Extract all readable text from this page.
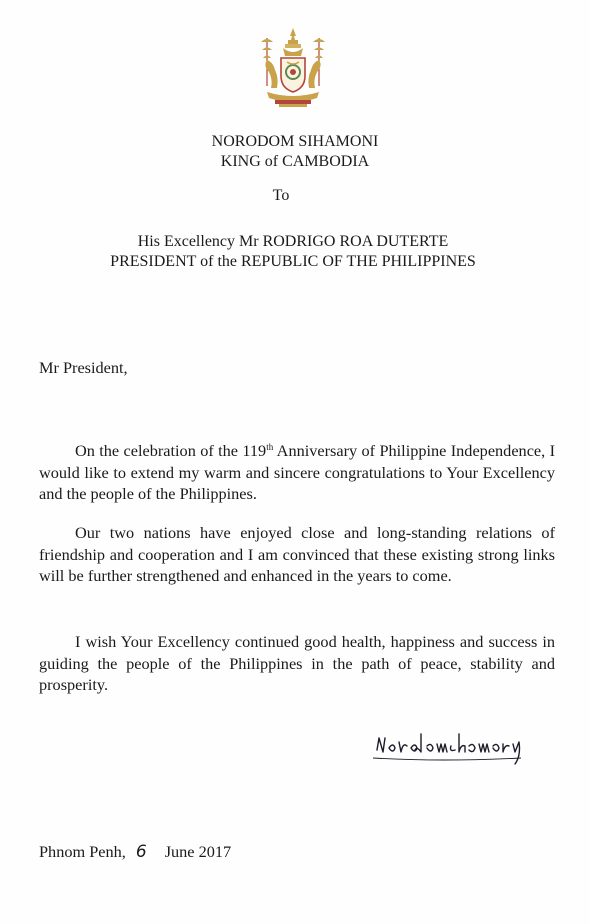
NORODOM SIHAMONI
KING of CAMBODIA
To
His Excellency Mr RODRIGO ROA DUTERTE
PRESIDENT of the REPUBLIC OF THE PHILIPPINES
Mr President,

On the celebration of the 119th Anniversary of Philippine Independence, I would like to extend my warm and sincere congratulations to Your Excellency and the people of the Philippines.

Our two nations have enjoyed close and long-standing relations of friendship and cooperation and I am convinced that these existing strong links will be further strengthened and enhanced in the years to come.

I wish Your Excellency continued good health, happiness and success in guiding the people of the Philippines in the path of peace, stability and prosperity.

Phnom Penh, 6 June 2017
